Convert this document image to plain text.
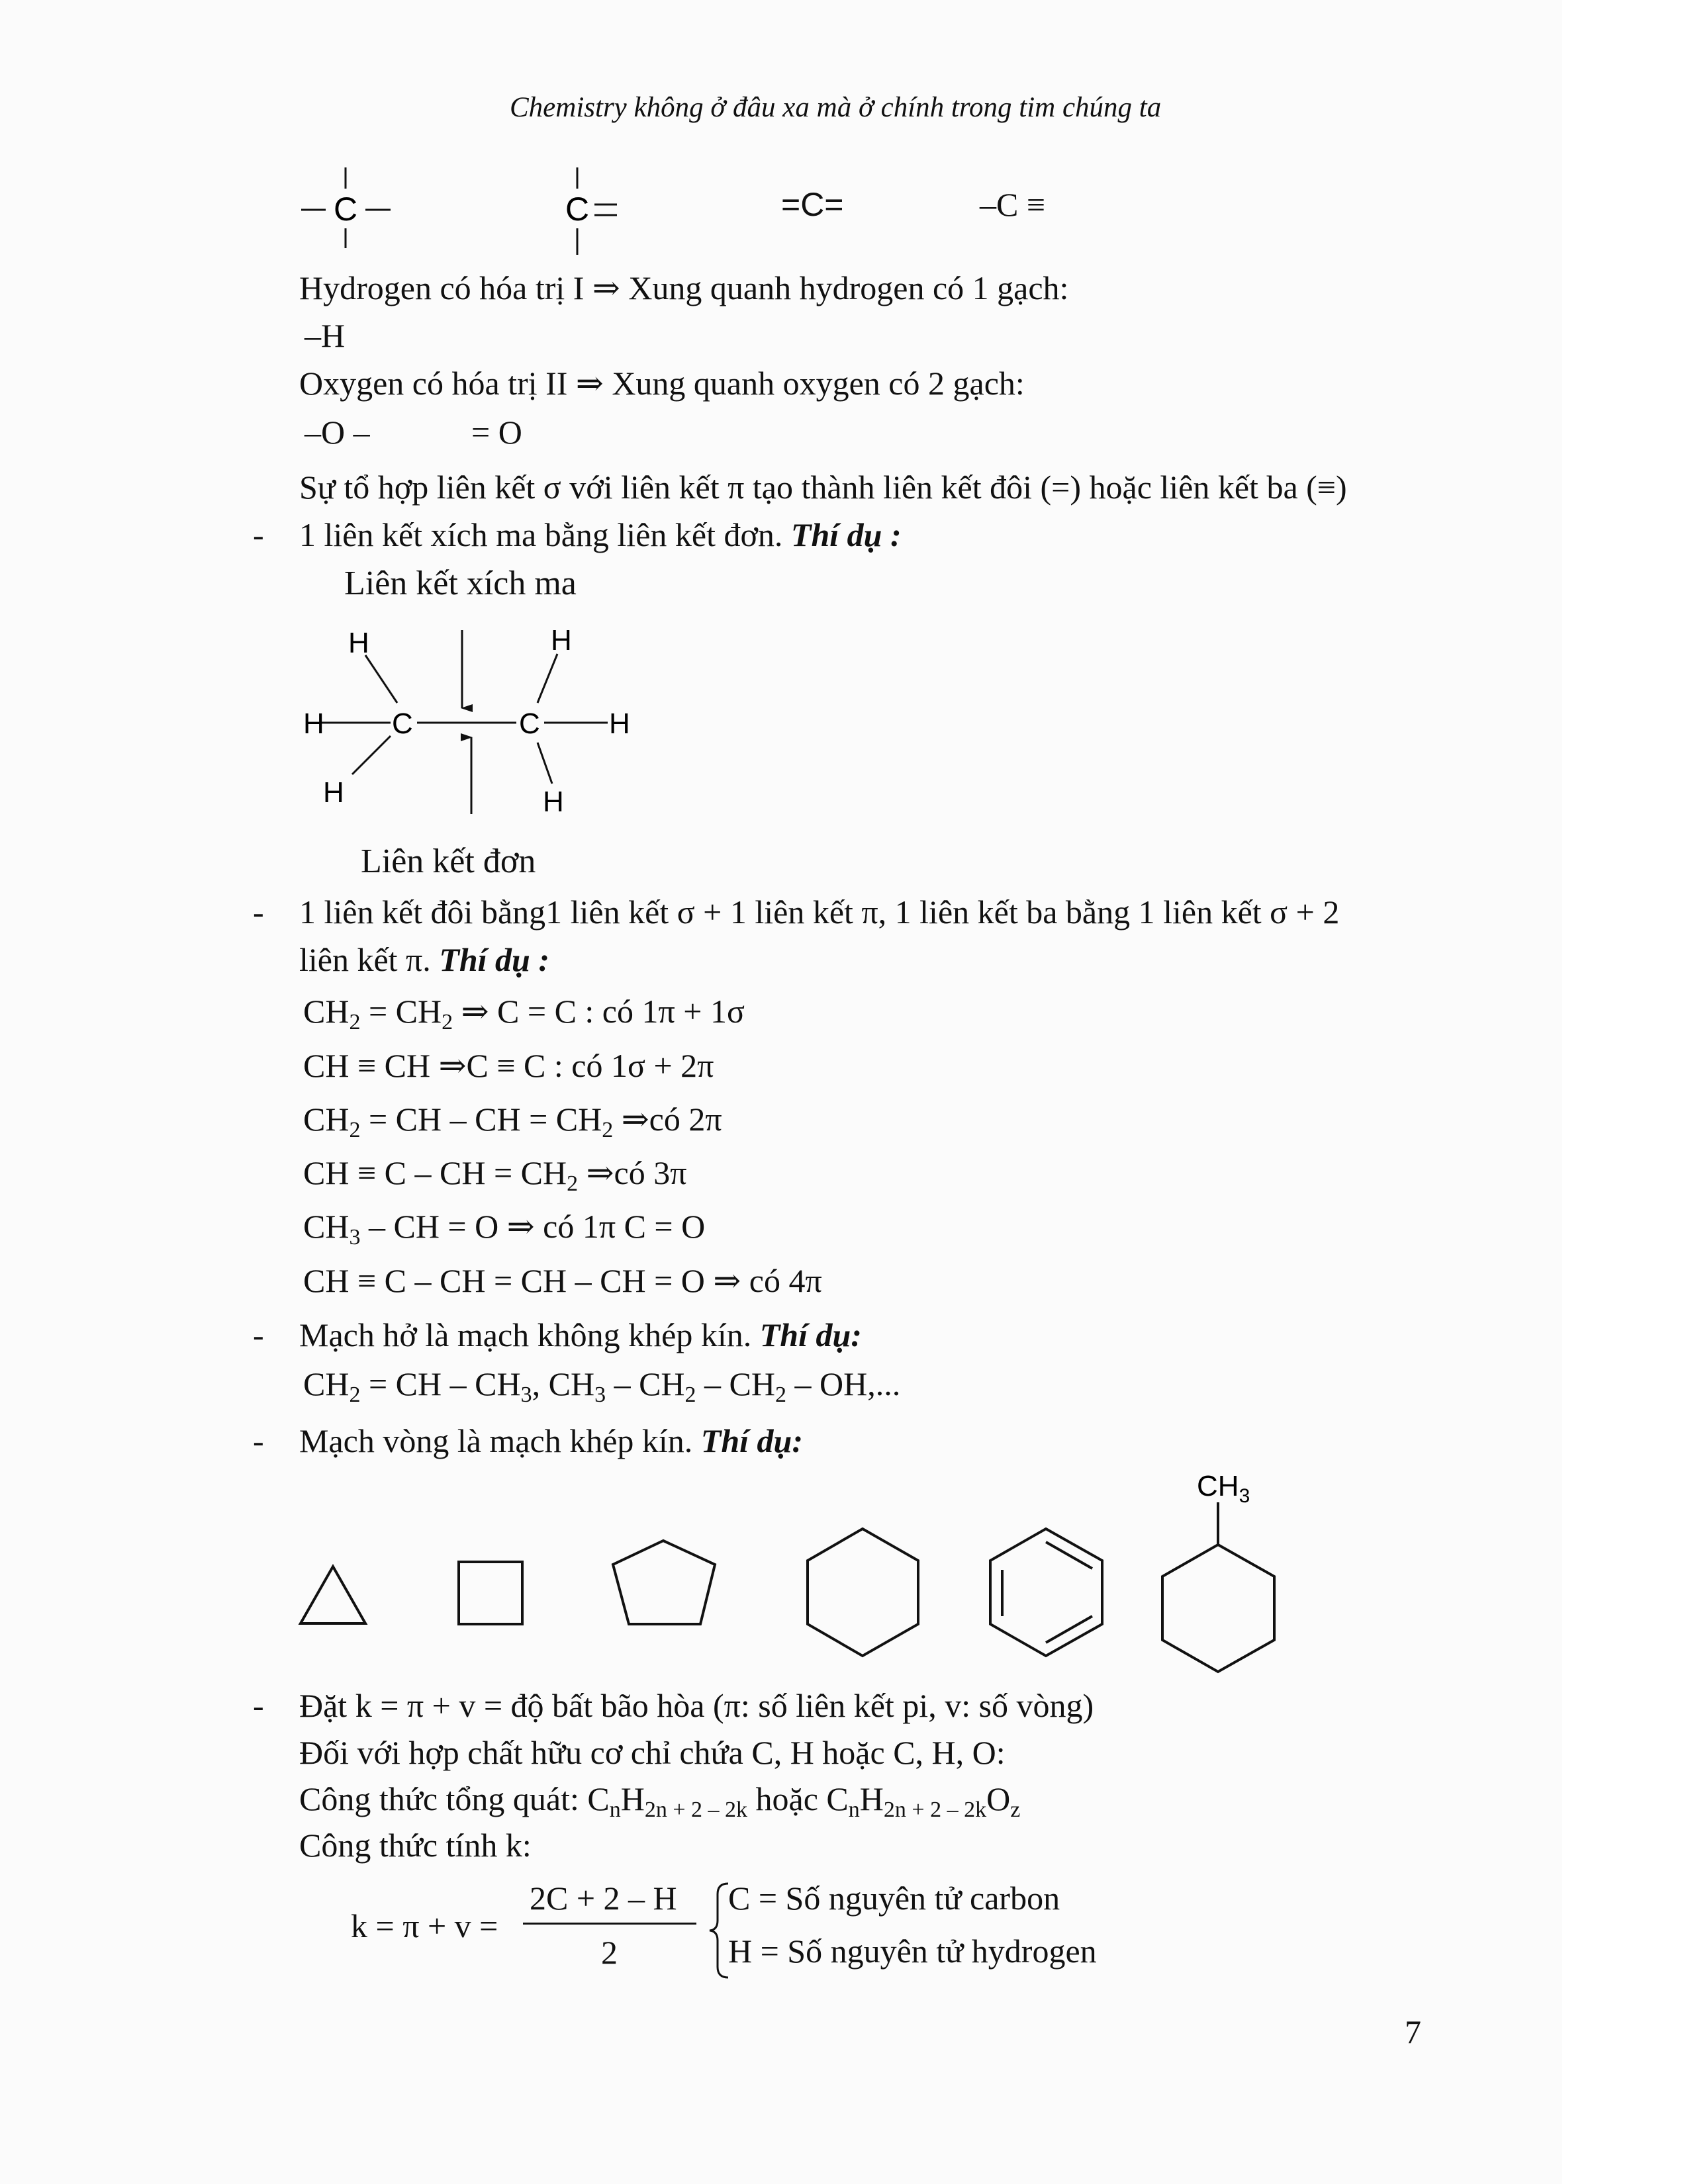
Chemistry không ở đâu xa mà ở chính trong tim chúng ta
C	C	=C=	–C ≡
Hydrogen có hóa trị I ⇒ Xung quanh hydrogen có 1 gạch:
–H
Oxygen có hóa trị II ⇒ Xung quanh oxygen có 2 gạch:
–O –	= O
Sự tổ hợp liên kết σ với liên kết π tạo thành liên kết đôi (=) hoặc liên kết ba (≡)
- 1 liên kết xích ma bằng liên kết đơn. Thí dụ :
Liên kết xích ma
H C	C H
H	H
H	H
Liên kết đơn
- 1 liên kết đôi bằng1 liên kết σ + 1 liên kết π, 1 liên kết ba bằng 1 liên kết σ + 2
liên kết π. Thí dụ :
$CH_2 = CH_2$ ⇒ C = C : có 1π + 1σ
CH ≡ CH ⇒C ≡ C : có 1σ + 2π
$CH_2$ = CH – CH = $CH_2$ ⇒có 2π
CH ≡ C – CH = $CH_2$ ⇒có 3π
$CH_3$ – CH = O ⇒ có 1π C = O
CH ≡ C – CH = CH – CH = O ⇒ có 4π
- Mạch hở là mạch không khép kín. Thí dụ:
$CH_2$ = CH – $CH_3$, $CH_3 - CH_2 - CH_2$ – OH,...
- Mạch vòng là mạch khép kín. Thí dụ:
$CH_3$
- Đặt k = π + v = độ bất bão hòa (π: số liên kết pi, v: số vòng)
Đối với hợp chất hữu cơ chỉ chứa C, H hoặc C, H, O:
Công thức tổng quát: $C_nH_{2n + 2 - 2k}$ hoặc $C_nH_{2n + 2 - 2k}O_z$
Công thức tính k:
k = π + v =
2C + 2 – H
2
C = Số nguyên tử carbon
H = Số nguyên tử hydrogen
7
